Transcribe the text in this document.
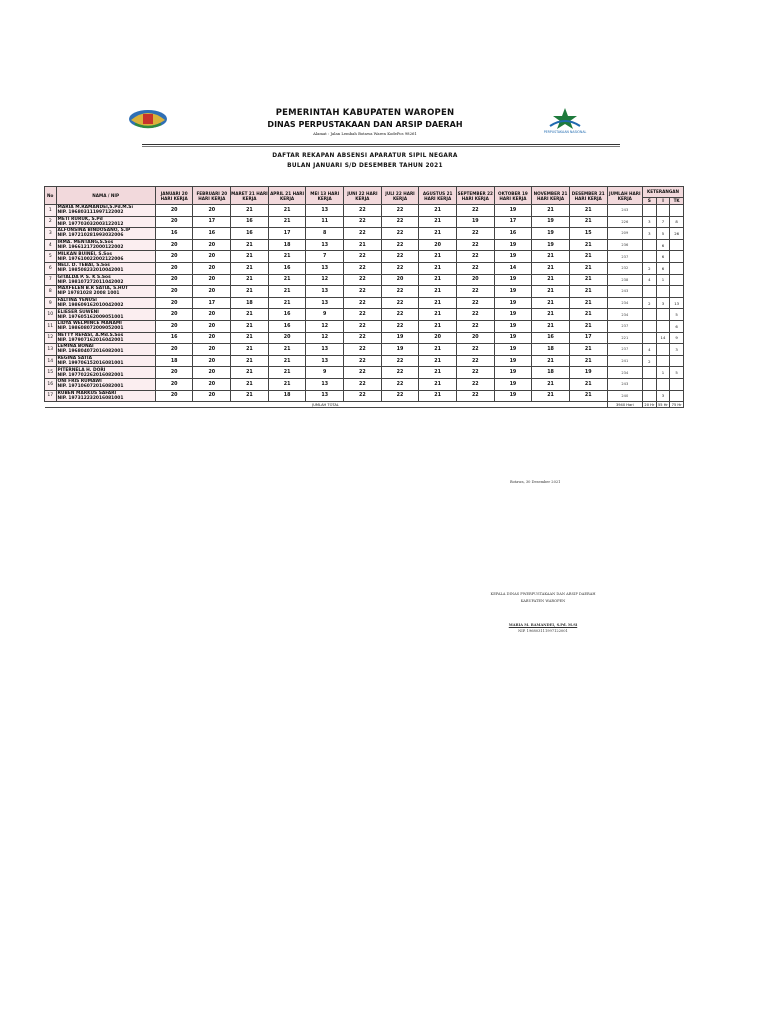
PERPUSTAKAAN NASIONAL
PEMERINTAH KABUPATEN WAROPEN
DINAS PERPUSTAKAAN DAN ARSIP DAERAH
Alamat : Jalan Lembah Botawa Waren KodePos 98261
DAFTAR REKAPAN ABSENSI APARATUR SIPIL NEGARA
BULAN JANUARI S/D DESEMBER TAHUN 2021
No	NAMA / NIP	JANUARI 20 HARI KERJA	FEBRUARI 20 HARI KERJA	MARET 21 HARI KERJA	APRIL 21 HARI KERJA	MEI 13 HARI KERJA	JUNI 22 HARI KERJA	JULI 22 HARI KERJA	AGUSTUS 21 HARI KERJA	SEPTEMBER 22 HARI KERJA	OKTOBER 19 HARI KERJA	NOVEMBER 21 HARI KERJA	DESEMBER 21 HARI KERJA	JUMLAH HARI KERJA	KETERANGAN		
															S	I	TK
1	MARIA M.RAMANDEI,S.Pd.M.Si
NIP. 196803111997122002	20	20	21	21	13	22	22	21	22	19	21	21	243			
2	METI RURUK, S.Pd
NIP. 197703032003122012	20	17	16	21	11	22	22	21	19	17	19	21	226	3	7	8
3	ALFONSINA BINDOSANO, S.IP
NIP. 197210281993032006	16	16	16	17	8	22	22	21	22	16	19	15	209	3	5	26
4	IRMA. MENTANG,S.Sos
NIP. 196612172000122002	20	20	21	18	13	21	22	20	22	19	19	21	236		6	
5	MILKAN BUINEI, S.Sos
NIP. 197610022002122006	20	20	21	21	7	22	22	21	22	19	21	21	237		6	
6	NELI. D. TEBAI, S.Sos
NIP. 198508232010042001	20	20	21	16	13	22	22	21	22	14	21	21	232	2	6	
7	GITALDA P. S. K S.Sos
NIP. 198107272011042002	20	20	21	21	12	22	20	21	20	19	21	21	238	4	1	
8	MAXFELEN B.R SATIA, S.HUT
NIP 19781028 2008 1001	20	20	21	21	13	22	22	21	22	19	21	21	243			
9	FALTINA YENUSI
NIP. 198609162010042002	20	17	18	21	13	22	22	21	22	19	21	21	234	2	3	13
10	ELIESER SUWENI
NIP. 197605162009051001	20	20	21	16	9	22	22	21	22	19	21	21	234			5
11	LIDYA WELMINCE MANAMI
NIP. 198608072009052001	20	20	21	16	12	22	22	21	22	19	21	21	237			6
12	NETTY REFASI, A.Md.S.Sos
NIP. 197907162016042001	16	20	21	20	12	22	19	20	20	19	16	17	221		14	9
13	LEMINA BONAI
NIP. 196804072016082001	20	20	21	21	13	22	19	21	22	19	18	21	237	4		3
14	REGINA SATIA
NIP. 199706152016081001	18	20	21	21	13	22	22	21	22	19	21	21	241	2		
15	PITERNELA H. DORI
NIP. 197702262016082001	20	20	21	21	9	22	22	21	22	19	18	19	234		1	5
16	ONI FRIS RUMAWI
NIP. 197106072016082001	20	20	21	21	13	22	22	21	22	19	21	21	243			
17	RUBEN MARKUS SAFARI
NIP. 197312232016081001	20	20	21	18	13	22	22	21	22	19	21	21	240		3	
JUMLAH TOTAL														3940 Hari	20 Hr	55 Hr	75 Hr
Botawa, 30 Desember 2021
KEPALA DINAS PWERPUSTAKAAN DAN ARSIP DAERAH
KABUPATEN WAROPEN
MARIA M. RAMANDEI, S.Pd. M.Si
NIP. 196803111997122001
